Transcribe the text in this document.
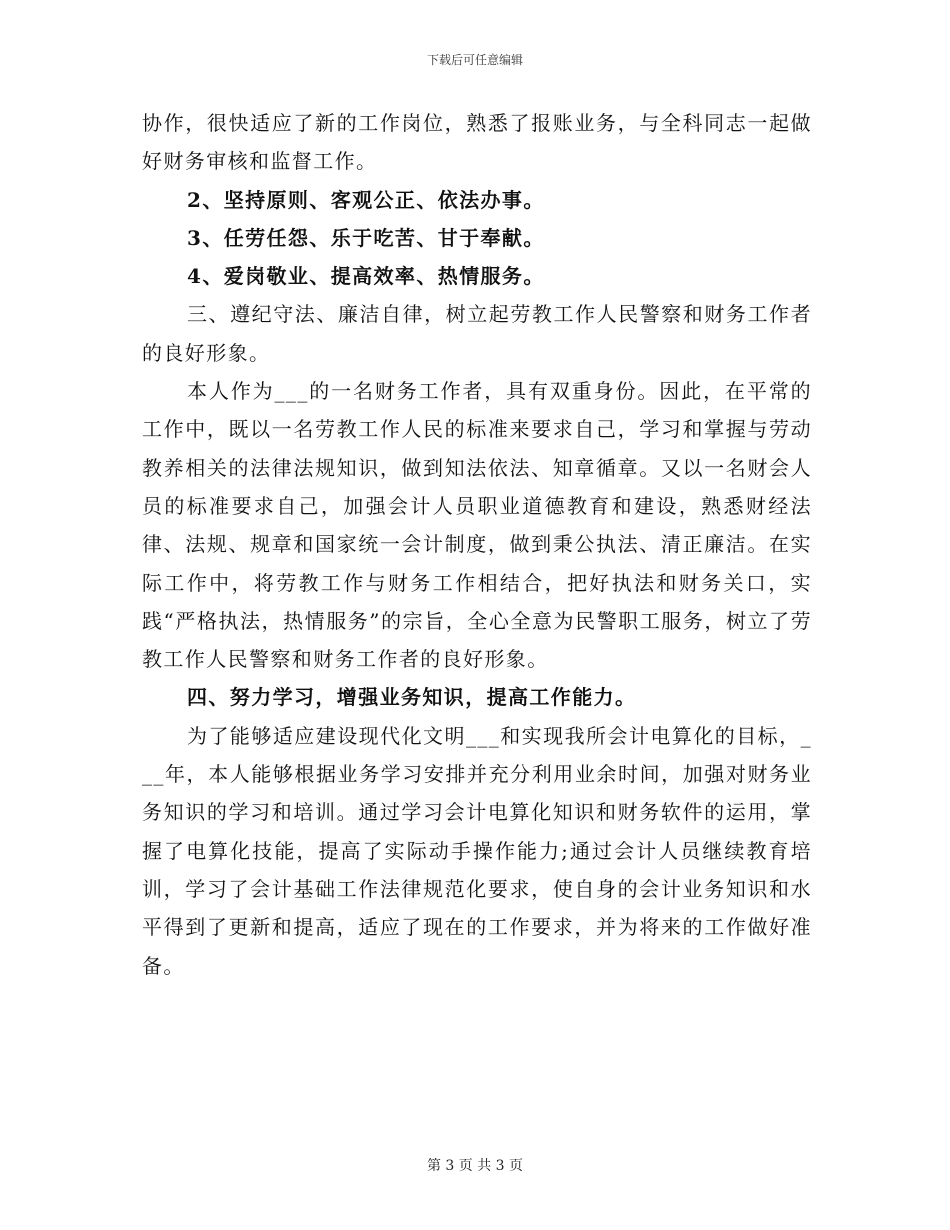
下载后可任意编辑

协作，很快适应了新的工作岗位，熟悉了报账业务，与全科同志一起做好财务审核和监督工作。

2、坚持原则、客观公正、依法办事。

3、任劳任怨、乐于吃苦、甘于奉献。

4、爱岗敬业、提高效率、热情服务。

三、遵纪守法、廉洁自律，树立起劳教工作人民警察和财务工作者的良好形象。

本人作为___的一名财务工作者，具有双重身份。因此，在平常的工作中，既以一名劳教工作人民的标准来要求自己，学习和掌握与劳动教养相关的法律法规知识，做到知法依法、知章循章。又以一名财会人员的标准要求自己，加强会计人员职业道德教育和建设，熟悉财经法律、法规、规章和国家统一会计制度，做到秉公执法、清正廉洁。在实际工作中，将劳教工作与财务工作相结合，把好执法和财务关口，实践“严格执法，热情服务”的宗旨，全心全意为民警职工服务，树立了劳教工作人民警察和财务工作者的良好形象。

四、努力学习，增强业务知识，提高工作能力。

为了能够适应建设现代化文明___和实现我所会计电算化的目标，___年，本人能够根据业务学习安排并充分利用业余时间，加强对财务业务知识的学习和培训。通过学习会计电算化知识和财务软件的运用，掌握了电算化技能，提高了实际动手操作能力;通过会计人员继续教育培训，学习了会计基础工作法律规范化要求，使自身的会计业务知识和水平得到了更新和提高，适应了现在的工作要求，并为将来的工作做好准备。

第 3 页 共 3 页
